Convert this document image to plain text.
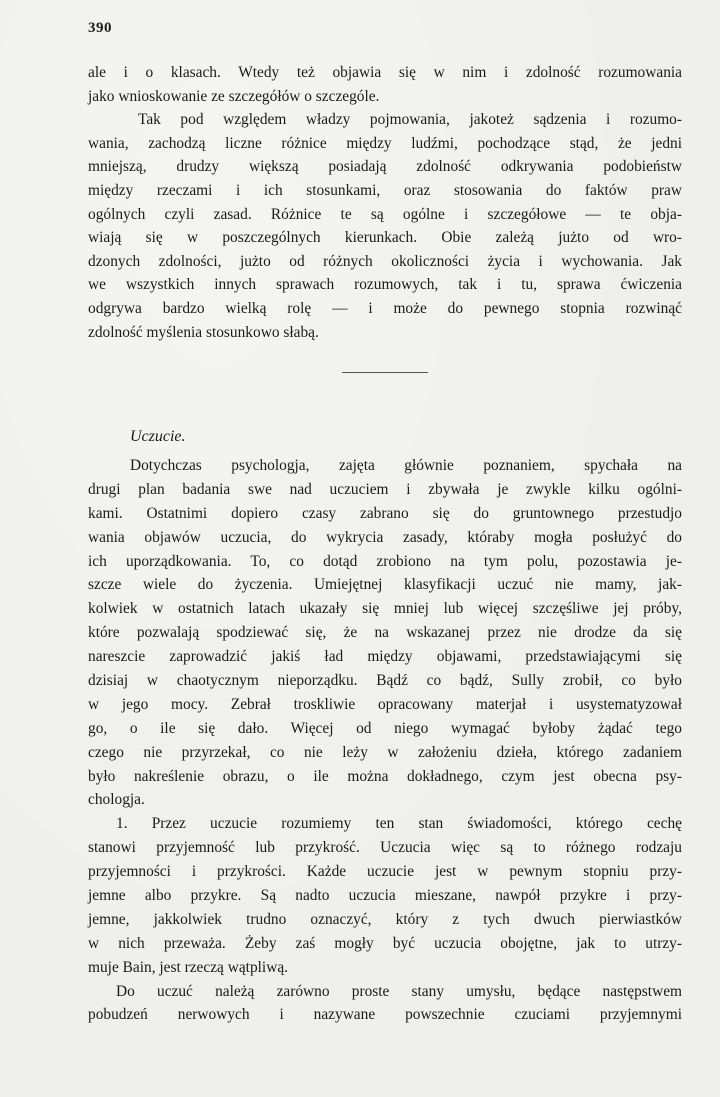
390
ale i o klasach. Wtedy też objawia się w nim i zdolność rozumowania
jako wnioskowanie ze szczegółów o szczególe.
Tak pod względem władzy pojmowania, jakoteż sądzenia i rozumo-
wania, zachodzą liczne różnice między ludźmi, pochodzące stąd, że jedni
mniejszą, drudzy większą posiadają zdolność odkrywania podobieństw
między rzeczami i ich stosunkami, oraz stosowania do faktów praw
ogólnych czyli zasad. Różnice te są ogólne i szczegółowe — te obja-
wiają się w poszczególnych kierunkach. Obie zależą jużto od wro-
dzonych zdolności, jużto od różnych okoliczności życia i wychowania. Jak
we wszystkich innych sprawach rozumowych, tak i tu, sprawa ćwiczenia
odgrywa bardzo wielką rolę — i może do pewnego stopnia rozwinąć
zdolność myślenia stosunkowo słabą.
Uczucie.
Dotychczas psychologja, zajęta głównie poznaniem, spychała na
drugi plan badania swe nad uczuciem i zbywała je zwykle kilku ogólni-
kami. Ostatnimi dopiero czasy zabrano się do gruntownego przestudjo
wania objawów uczucia, do wykrycia zasady, któraby mogła posłużyć do
ich uporządkowania. To, co dotąd zrobiono na tym polu, pozostawia je-
szcze wiele do życzenia. Umiejętnej klasyfikacji uczuć nie mamy, jak-
kolwiek w ostatnich latach ukazały się mniej lub więcej szczęśliwe jej próby,
które pozwalają spodziewać się, że na wskazanej przez nie drodze da się
nareszcie zaprowadzić jakiś ład między objawami, przedstawiającymi się
dzisiaj w chaotycznym nieporządku. Bądź co bądź, Sully zrobił, co było
w jego mocy. Zebrał troskliwie opracowany materjał i usystematyzował
go, o ile się dało. Więcej od niego wymagać byłoby żądać tego
czego nie przyrzekał, co nie leży w założeniu dzieła, którego zadaniem
było nakreślenie obrazu, o ile można dokładnego, czym jest obecna psy-
chologja.
1. Przez uczucie rozumiemy ten stan świadomości, którego cechę
stanowi przyjemność lub przykrość. Uczucia więc są to różnego rodzaju
przyjemności i przykrości. Każde uczucie jest w pewnym stopniu przy-
jemne albo przykre. Są nadto uczucia mieszane, nawpół przykre i przy-
jemne, jakkolwiek trudno oznaczyć, który z tych dwuch pierwiastków
w nich przeważa. Żeby zaś mogły być uczucia obojętne, jak to utrzy-
muje Bain, jest rzeczą wątpliwą.
Do uczuć należą zarówno proste stany umysłu, będące następstwem
pobudzeń nerwowych i nazywane powszechnie czuciami przyjemnymi
